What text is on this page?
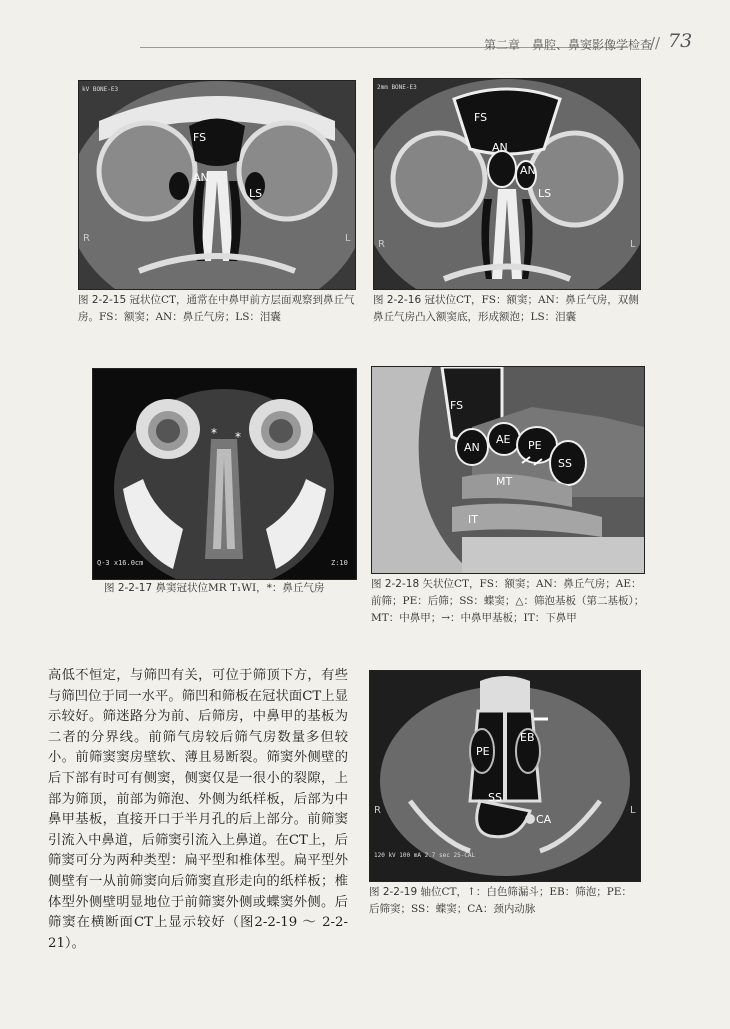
第二章　鼻腔、鼻窦影像学检查
// 73
FS
AN
LS
R	L
kV BONE-E3
图 2-2-15 冠状位CT，通常在中鼻甲前方层面观察到鼻丘气房。FS：额窦；AN：鼻丘气房；LS：泪囊
FS
AN
AN
LS
R	L
2mm BONE-E3
图 2-2-16 冠状位CT，FS：额窦；AN：鼻丘气房，双侧鼻丘气房凸入额窦底，形成额泡；LS：泪囊
* *
Q-3 x16.0cm	Z:10
图 2-2-17 鼻窦冠状位MR T₁WI，*：鼻丘气房
FS
AN
AE PE
SS
MT
IT
图 2-2-18 矢状位CT，FS：额窦；AN：鼻丘气房；AE：前筛；PE：后筛；SS：蝶窦；△：筛泡基板（第二基板）；MT：中鼻甲；→：中鼻甲基板；IT：下鼻甲

高低不恒定，与筛凹有关，可位于筛顶下方，有些与筛凹位于同一水平。筛凹和筛板在冠状面CT上显示较好。筛迷路分为前、后筛房，中鼻甲的基板为二者的分界线。前筛气房较后筛气房数量多但较小。前筛窦窦房壁软、薄且易断裂。筛窦外侧壁的后下部有时可有侧窦，侧窦仅是一很小的裂隙，上部为筛顶，前部为筛泡、外侧为纸样板，后部为中鼻甲基板，直接开口于半月孔的后上部分。前筛窦引流入中鼻道，后筛窦引流入上鼻道。在CT上，后筛窦可分为两种类型：扁平型和椎体型。扁平型外侧壁有一从前筛窦向后筛窦直形走向的纸样板；椎体型外侧壁明显地位于前筛窦外侧或蝶窦外侧。后筛窦在横断面CT上显示较好（图2-2-19 ～ 2-2-21）。

EB
PE
SS
CA
R	L
120 kV 100 mA 2.7 sec 25-CAL
图 2-2-19 轴位CT，↑：白色筛漏斗；EB：筛泡；PE：后筛窦；SS：蝶窦；CA：颈内动脉
